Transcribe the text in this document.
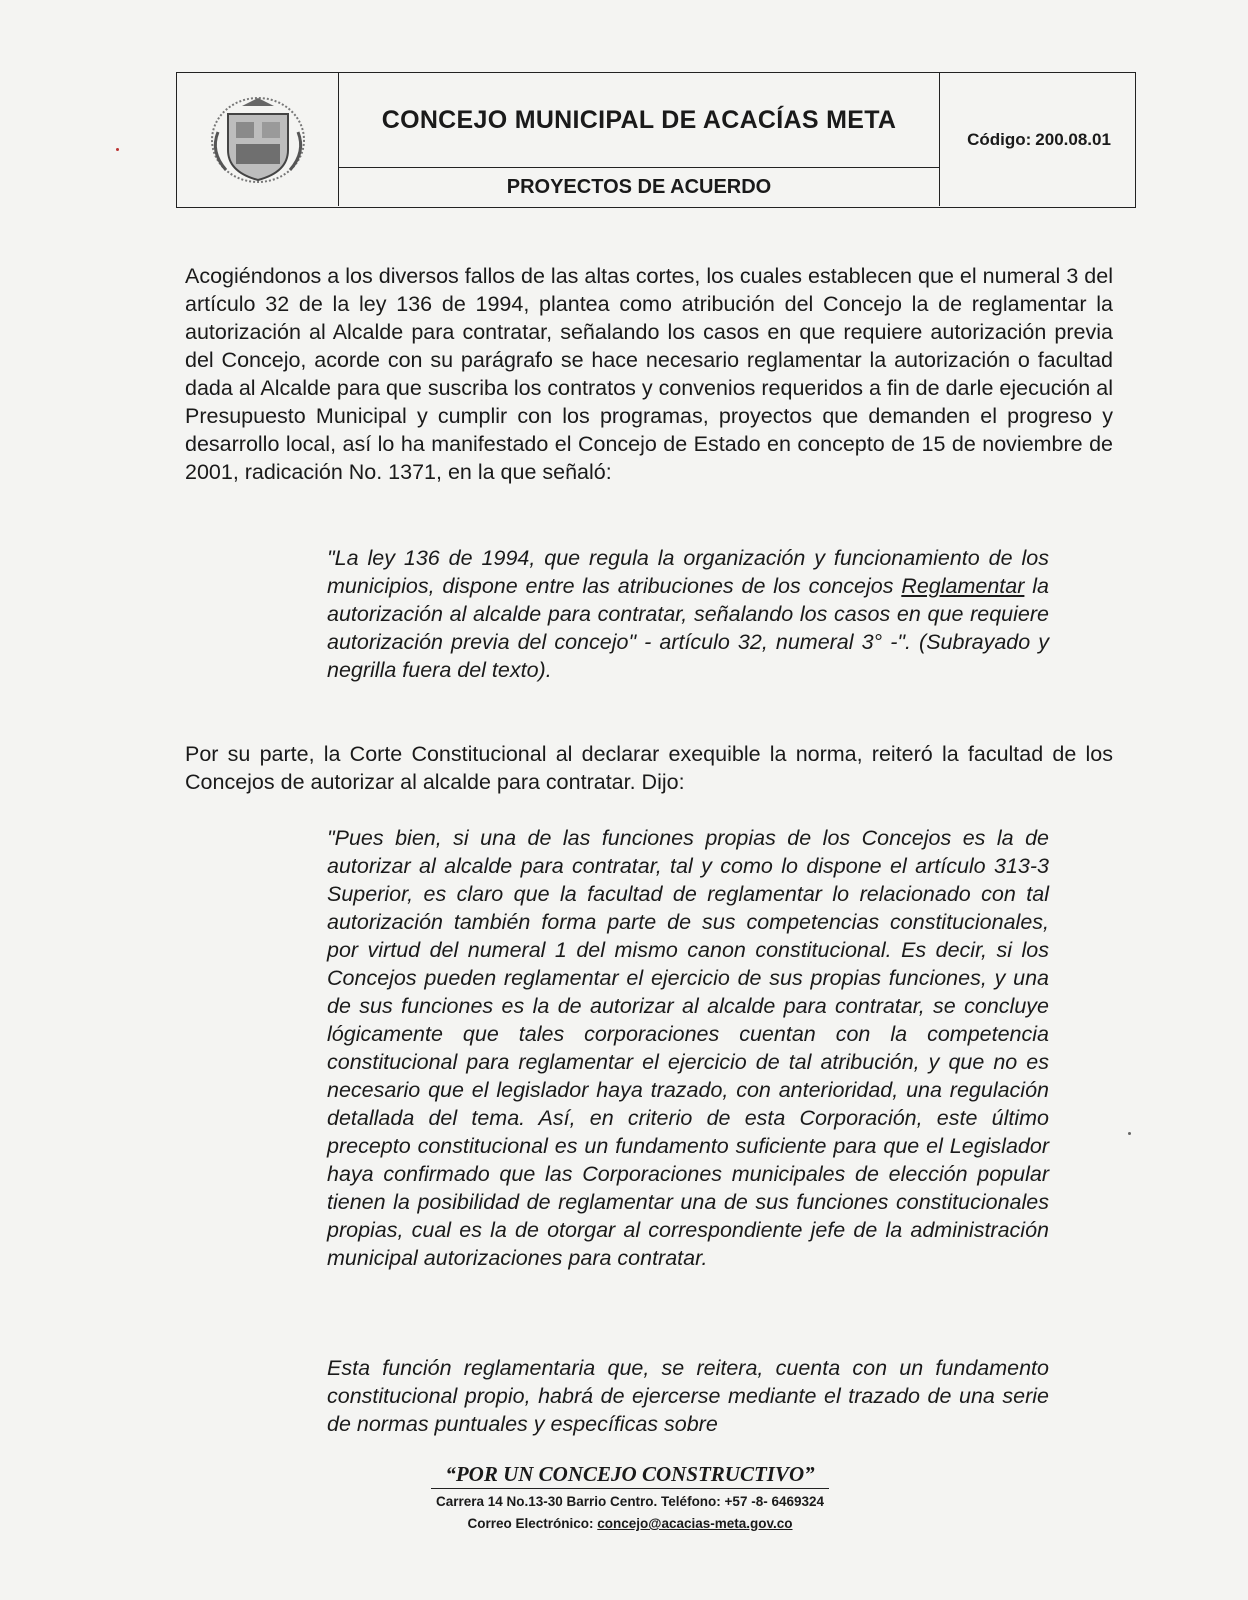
CONCEJO MUNICIPAL DE ACACÍAS META
PROYECTOS DE ACUERDO
Código: 200.08.01
Acogiéndonos a los diversos fallos de las altas cortes, los cuales establecen que el numeral 3 del artículo 32 de la ley 136 de 1994, plantea como atribución del Concejo la de reglamentar la autorización al Alcalde para contratar, señalando los casos en que requiere autorización previa del Concejo, acorde con su parágrafo se hace necesario reglamentar la autorización o facultad dada al Alcalde para que suscriba los contratos y convenios requeridos a fin de darle ejecución al Presupuesto Municipal y cumplir con los programas, proyectos que demanden el progreso y desarrollo local, así lo ha manifestado el Concejo de Estado en concepto de 15 de noviembre de 2001, radicación No. 1371, en la que señaló:
"La ley 136 de 1994, que regula la organización y funcionamiento de los municipios, dispone entre las atribuciones de los concejos Reglamentar la autorización al alcalde para contratar, señalando los casos en que requiere autorización previa del concejo" - artículo 32, numeral 3° -". (Subrayado y negrilla fuera del texto).
Por su parte, la Corte Constitucional al declarar exequible la norma, reiteró la facultad de los Concejos de autorizar al alcalde para contratar. Dijo:
"Pues bien, si una de las funciones propias de los Concejos es la de autorizar al alcalde para contratar, tal y como lo dispone el artículo 313-3 Superior, es claro que la facultad de reglamentar lo relacionado con tal autorización también forma parte de sus competencias constitucionales, por virtud del numeral 1 del mismo canon constitucional. Es decir, si los Concejos pueden reglamentar el ejercicio de sus propias funciones, y una de sus funciones es la de autorizar al alcalde para contratar, se concluye lógicamente que tales corporaciones cuentan con la competencia constitucional para reglamentar el ejercicio de tal atribución, y que no es necesario que el legislador haya trazado, con anterioridad, una regulación detallada del tema. Así, en criterio de esta Corporación, este último precepto constitucional es un fundamento suficiente para que el Legislador haya confirmado que las Corporaciones municipales de elección popular tienen la posibilidad de reglamentar una de sus funciones constitucionales propias, cual es la de otorgar al correspondiente jefe de la administración municipal autorizaciones para contratar.
Esta función reglamentaria que, se reitera, cuenta con un fundamento constitucional propio, habrá de ejercerse mediante el trazado de una serie de normas puntuales y específicas sobre
“POR UN CONCEJO CONSTRUCTIVO”
Carrera 14 No.13-30 Barrio Centro. Teléfono: +57 -8- 6469324
Correo Electrónico: concejo@acacias-meta.gov.co
